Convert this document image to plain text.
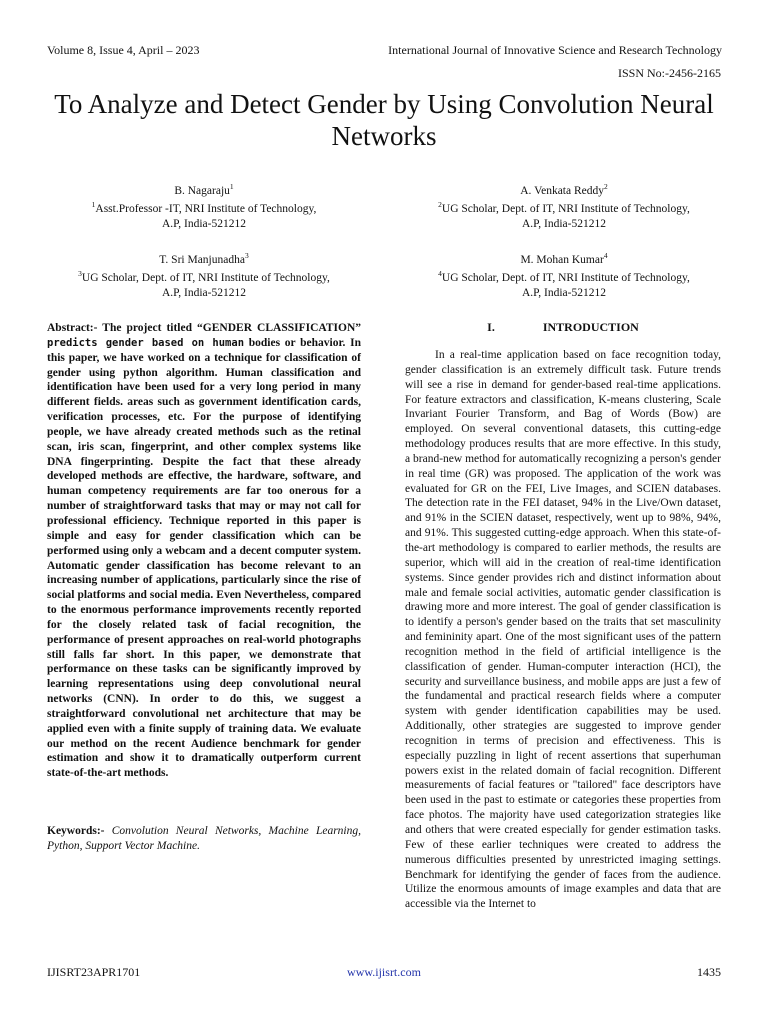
Volume 8, Issue 4, April – 2023	International Journal of Innovative Science and Research Technology
ISSN No:-2456-2165
To Analyze and Detect Gender by Using Convolution Neural Networks
B. Nagaraju$^1$
$^1$Asst.Professor -IT, NRI Institute of Technology,
A.P, India-521212
A. Venkata Reddy$^2$
$^2$UG Scholar, Dept. of IT, NRI Institute of Technology,
A.P, India-521212
T. Sri Manjunadha$^3$
$^3$UG Scholar, Dept. of IT, NRI Institute of Technology,
A.P, India-521212
M. Mohan Kumar$^4$
$^4$UG Scholar, Dept. of IT, NRI Institute of Technology,
A.P, India-521212

Abstract:- The project titled “GENDER CLASSIFICATION” predicts gender based on human bodies or behavior. In this paper, we have worked on a technique for classification of gender using python algorithm. Human classification and identification have been used for a very long period in many different fields. areas such as government identification cards, verification processes, etc. For the purpose of identifying people, we have already created methods such as the retinal scan, iris scan, fingerprint, and other complex systems like DNA fingerprinting. Despite the fact that these already developed methods are effective, the hardware, software, and human competency requirements are far too onerous for a number of straightforward tasks that may or may not call for professional efficiency. Technique reported in this paper is simple and easy for gender classification which can be performed using only a webcam and a decent computer system. Automatic gender classification has become relevant to an increasing number of applications, particularly since the rise of social platforms and social media. Even Nevertheless, compared to the enormous performance improvements recently reported for the closely related task of facial recognition, the performance of present approaches on real-world photographs still falls far short. In this paper, we demonstrate that performance on these tasks can be significantly improved by learning representations using deep convolutional neural networks (CNN). In order to do this, we suggest a straightforward convolutional net architecture that may be applied even with a finite supply of training data. We evaluate our method on the recent Audience benchmark for gender estimation and show it to dramatically outperform current state-of-the-art methods.

Keywords:- Convolution Neural Networks, Machine Learning, Python, Support Vector Machine.

I.	INTRODUCTION

In a real-time application based on face recognition today, gender classification is an extremely difficult task. Future trends will see a rise in demand for gender-based real-time applications. For feature extractors and classification, K-means clustering, Scale Invariant Fourier Transform, and Bag of Words (Bow) are employed. On several conventional datasets, this cutting-edge methodology produces results that are more effective. In this study, a brand-new method for automatically recognizing a person's gender in real time (GR) was proposed. The application of the work was evaluated for GR on the FEI, Live Images, and SCIEN databases. The detection rate in the FEI dataset, 94% in the Live/Own dataset, and 91% in the SCIEN dataset, respectively, went up to 98%, 94%, and 91%. This suggested cutting-edge approach. When this state-of-the-art methodology is compared to earlier methods, the results are superior, which will aid in the creation of real-time identification systems. Since gender provides rich and distinct information about male and female social activities, automatic gender classification is drawing more and more interest. The goal of gender classification is to identify a person's gender based on the traits that set masculinity and femininity apart. One of the most significant uses of the pattern recognition method in the field of artificial intelligence is the classification of gender. Human-computer interaction (HCI), the security and surveillance business, and mobile apps are just a few of the fundamental and practical research fields where a computer system with gender identification capabilities may be used. Additionally, other strategies are suggested to improve gender recognition in terms of precision and effectiveness. This is especially puzzling in light of recent assertions that superhuman powers exist in the related domain of facial recognition. Different measurements of facial features or "tailored" face descriptors have been used in the past to estimate or categories these properties from face photos. The majority have used categorization strategies like and others that were created especially for gender estimation tasks. Few of these earlier techniques were created to address the numerous difficulties presented by unrestricted imaging settings. Benchmark for identifying the gender of faces from the audience. Utilize the enormous amounts of image examples and data that are accessible via the Internet to

IJISRT23APR1701	www.ijisrt.com	1435
